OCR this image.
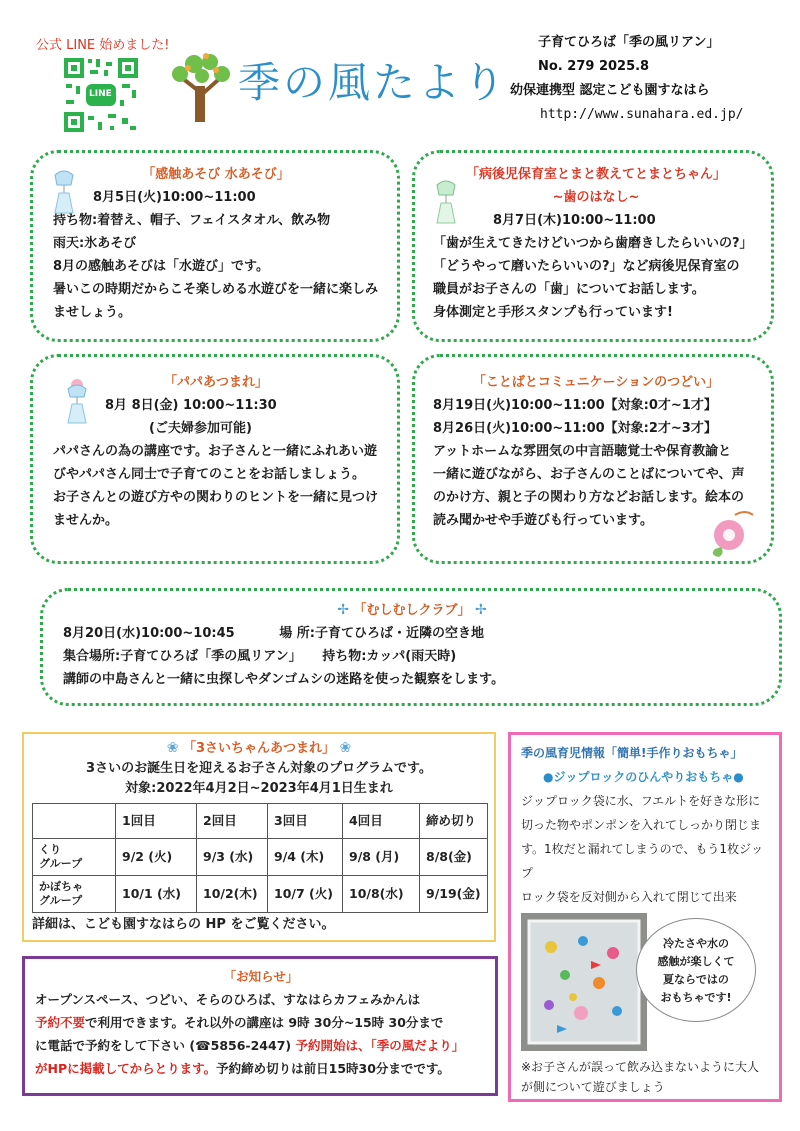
公式 LINE 始めました!
LINE	季の風たより
子育てひろば「季の風リアン」
No. 279 2025.8
幼保連携型 認定こども園すなはら
http://www.sunahara.ed.jp/

「感触あそび 水あそび」

8月5日(火)10:00~11:00

持ち物:着替え、帽子、フェイスタオル、飲み物

雨天:氷あそび

8月の感触あそびは「水遊び」です。

暑いこの時期だからこそ楽しめる水遊びを一緒に楽しみ

ませしょう。

「病後児保育室とまと教えてとまとちゃん」

~歯のはなし~

8月7日(木)10:00~11:00

「歯が生えてきたけどいつから歯磨きしたらいいの?」

「どうやって磨いたらいいの?」など病後児保育室の

職員がお子さんの「歯」についてお話します。

身体測定と手形スタンプも行っています!

「パパあつまれ」

8月 8日(金) 10:00~11:30

(ご夫婦参加可能)

パパさんの為の講座です。お子さんと一緒にふれあい遊

びやパパさん同士で子育てのことをお話しましょう。

お子さんとの遊び方やの関わりのヒントを一緒に見つけ

ませんか。

「ことばとコミュニケーションのつどい」

8月19日(火)10:00~11:00【対象:0才~1才】

8月26日(火)10:00~11:00【対象:2才~3才】

アットホームな雰囲気の中言語聴覚士や保育教諭と

一緒に遊びながら、お子さんのことばについてや、声

のかけ方、親と子の関わり方などお話します。絵本の

読み聞かせや手遊びも行っています。

✢ 「むしむしクラブ」 ✢

8月20日(水)10:00~10:45	場 所:子育てひろば・近隣の空き地

集合場所:子育てひろば「季の風リアン」 持ち物:カッパ(雨天時)

講師の中島さんと一緒に虫探しやダンゴムシの迷路を使った観察をします。

❀ 「3さいちゃんあつまれ」 ❀
3さいのお誕生日を迎えるお子さん対象のプログラムです。
対象:2022年4月2日~2023年4月1日生まれ
	1回目	2回目	3回目	4回目	締め切り
くり
グループ	9/2 (火)	9/3 (水)	9/4 (木)	9/8 (月)	8/8(金)
かぼちゃ
グループ	10/1 (水)	10/2(木)	10/7 (火)	10/8(水)	9/19(金)
詳細は、こども園すなはらの HP をご覧ください。
「お知らせ」
オープンスペース、つどい、そらのひろば、すなはらカフェみかんは
予約不要で利用できます。それ以外の講座は 9時 30分~15時 30分まで
に電話で予約をして下さい (☎5856-2447) 予約開始は、「季の風だより」
がHPに掲載してからとります。予約締め切りは前日15時30分までです。
季の風育児情報「簡単!手作りおもちゃ」
●ジップロックのひんやりおもちゃ●
ジップロック袋に水、フエルトを好きな形に
切った物やポンポンを入れてしっかり閉じま
す。1枚だと漏れてしまうので、もう1枚ジップ
ロック袋を反対側から入れて閉じて出来
※お子さんが誤って飲み込まないように大人
が側について遊びましょう
冷たさや水の
感触が楽しくて
夏ならではの
おもちゃです!
